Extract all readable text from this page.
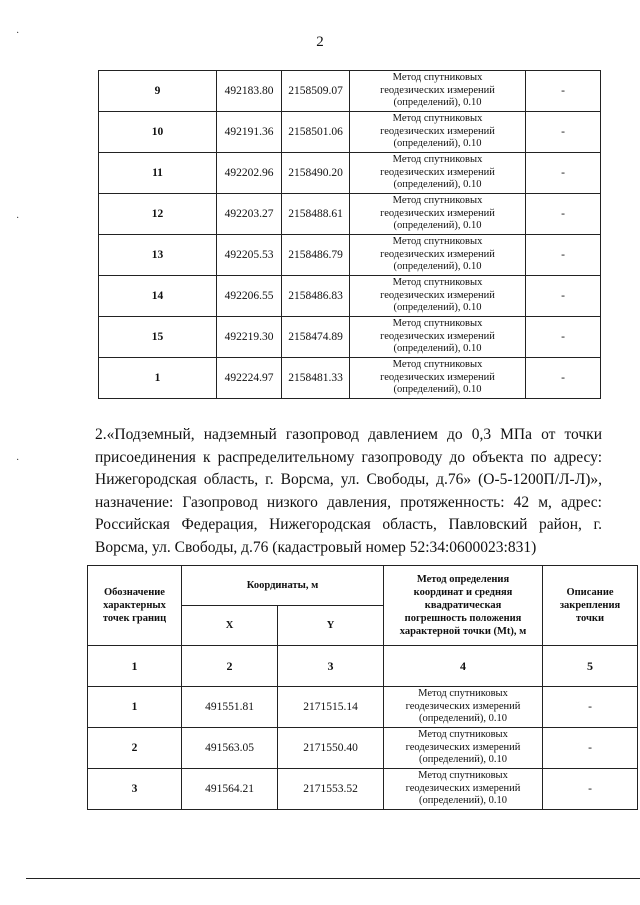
·
·
·
2
9	492183.80	2158509.07	Метод спутниковых
геодезических измерений
(определений), 0.10	-
10	492191.36	2158501.06	Метод спутниковых
геодезических измерений
(определений), 0.10	-
11	492202.96	2158490.20	Метод спутниковых
геодезических измерений
(определений), 0.10	-
12	492203.27	2158488.61	Метод спутниковых
геодезических измерений
(определений), 0.10	-
13	492205.53	2158486.79	Метод спутниковых
геодезических измерений
(определений), 0.10	-
14	492206.55	2158486.83	Метод спутниковых
геодезических измерений
(определений), 0.10	-
15	492219.30	2158474.89	Метод спутниковых
геодезических измерений
(определений), 0.10	-
1	492224.97	2158481.33	Метод спутниковых
геодезических измерений
(определений), 0.10	-
2.«Подземный, надземный газопровод давлением до 0,3 МПа от точки присоединения к распределительному газопроводу до объекта по адресу: Нижегородская область, г. Ворсма, ул. Свободы, д.76» (О-5-1200П/Л-Л)», назначение: Газопровод низкого давления, протяженность: 42 м, адрес: Российская Федерация, Нижегородская область, Павловский район, г. Ворсма, ул. Свободы, д.76 (кадастровый номер 52:34:0600023:831)
Обозначение
характерных
точек границ	Координаты, м		Метод определения
координат и средняя
квадратическая
погрешность положения
характерной точки (Mt), м	Описание
закрепления
точки
	X	Y		
1	2	3	4	5
1	491551.81	2171515.14	Метод спутниковых
геодезических измерений
(определений), 0.10	-
2	491563.05	2171550.40	Метод спутниковых
геодезических измерений
(определений), 0.10	-
3	491564.21	2171553.52	Метод спутниковых
геодезических измерений
(определений), 0.10	-
